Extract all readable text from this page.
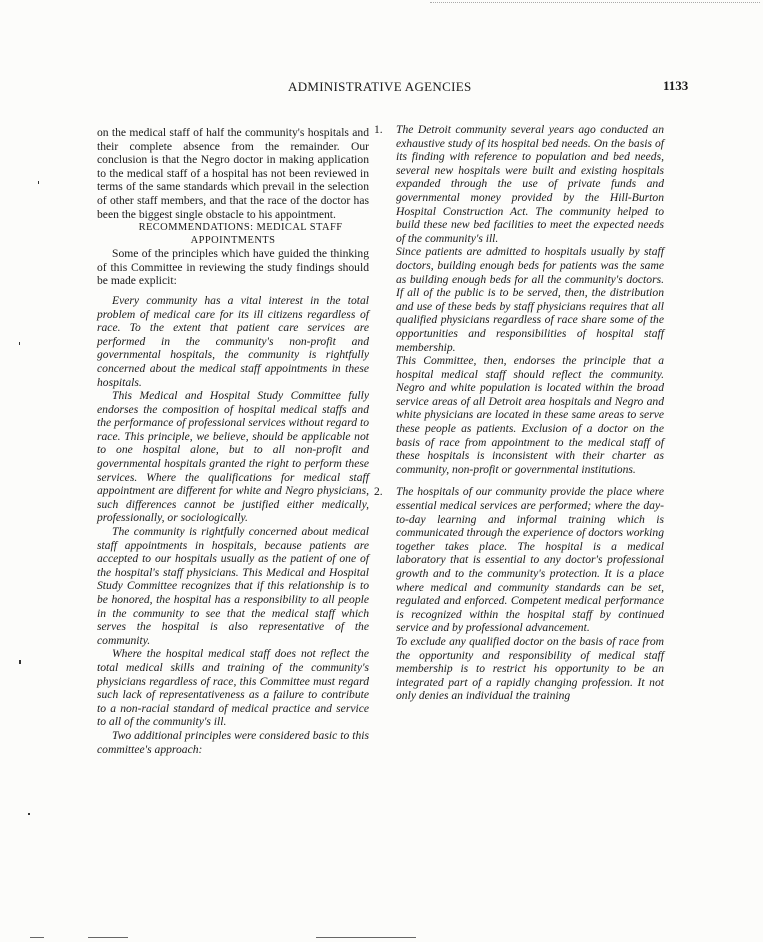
ADMINISTRATIVE AGENCIES	1133

on the medical staff of half the community's hospitals and their complete absence from the remainder. Our conclusion is that the Negro doctor in making application to the medical staff of a hospital has not been reviewed in terms of the same standards which prevail in the selection of other staff members, and that the race of the doctor has been the biggest single obstacle to his appointment.

RECOMMENDATIONS: MEDICAL STAFF APPOINTMENTS

Some of the principles which have guided the thinking of this Committee in reviewing the study findings should be made explicit:

Every community has a vital interest in the total problem of medical care for its ill citizens regardless of race. To the extent that patient care services are performed in the community's non-profit and governmental hospitals, the community is rightfully concerned about the medical staff appointments in these hospitals.

This Medical and Hospital Study Committee fully endorses the composition of hospital medical staffs and the performance of professional services without regard to race. This principle, we believe, should be applicable not to one hospital alone, but to all non-profit and governmental hospitals granted the right to perform these services. Where the qualifications for medical staff appointment are different for white and Negro physicians, such differences cannot be justified either medically, professionally, or sociologically.

The community is rightfully concerned about medical staff appointments in hospitals, because patients are accepted to our hospitals usually as the patient of one of the hospital's staff physicians. This Medical and Hospital Study Committee recognizes that if this relationship is to be honored, the hospital has a responsibility to all people in the community to see that the medical staff which serves the hospital is also representative of the community.

Where the hospital medical staff does not reflect the total medical skills and training of the community's physicians regardless of race, this Committee must regard such lack of representativeness as a failure to contribute to a non-racial standard of medical practice and service to all of the community's ill.

Two additional principles were considered basic to this committee's approach:

1.	The Detroit community several years ago conducted an exhaustive study of its hospital bed needs. On the basis of its finding with reference to population and bed needs, several new hospitals were built and existing hospitals expanded through the use of private funds and governmental money provided by the Hill-Burton Hospital Construction Act. The community helped to build these new bed facilities to meet the expected needs of the community's ill.

Since patients are admitted to hospitals usually by staff doctors, building enough beds for patients was the same as building enough beds for all the community's doctors. If all of the public is to be served, then, the distribution and use of these beds by staff physicians requires that all qualified physicians regardless of race share some of the opportunities and responsibilities of hospital staff membership.

This Committee, then, endorses the principle that a hospital medical staff should reflect the community. Negro and white population is located within the broad service areas of all Detroit area hospitals and Negro and white physicians are located in these same areas to serve these people as patients. Exclusion of a doctor on the basis of race from appointment to the medical staff of these hospitals is inconsistent with their charter as community, non-profit or governmental institutions.

2.	The hospitals of our community provide the place where essential medical services are performed; where the day-to-day learning and informal training which is communicated through the experience of doctors working together takes place. The hospital is a medical laboratory that is essential to any doctor's professional growth and to the community's protection. It is a place where medical and community standards can be set, regulated and enforced. Competent medical performance is recognized within the hospital staff by continued service and by professional advancement.

To exclude any qualified doctor on the basis of race from the opportunity and responsibility of medical staff membership is to restrict his opportunity to be an integrated part of a rapidly changing profession. It not only denies an individual the training
